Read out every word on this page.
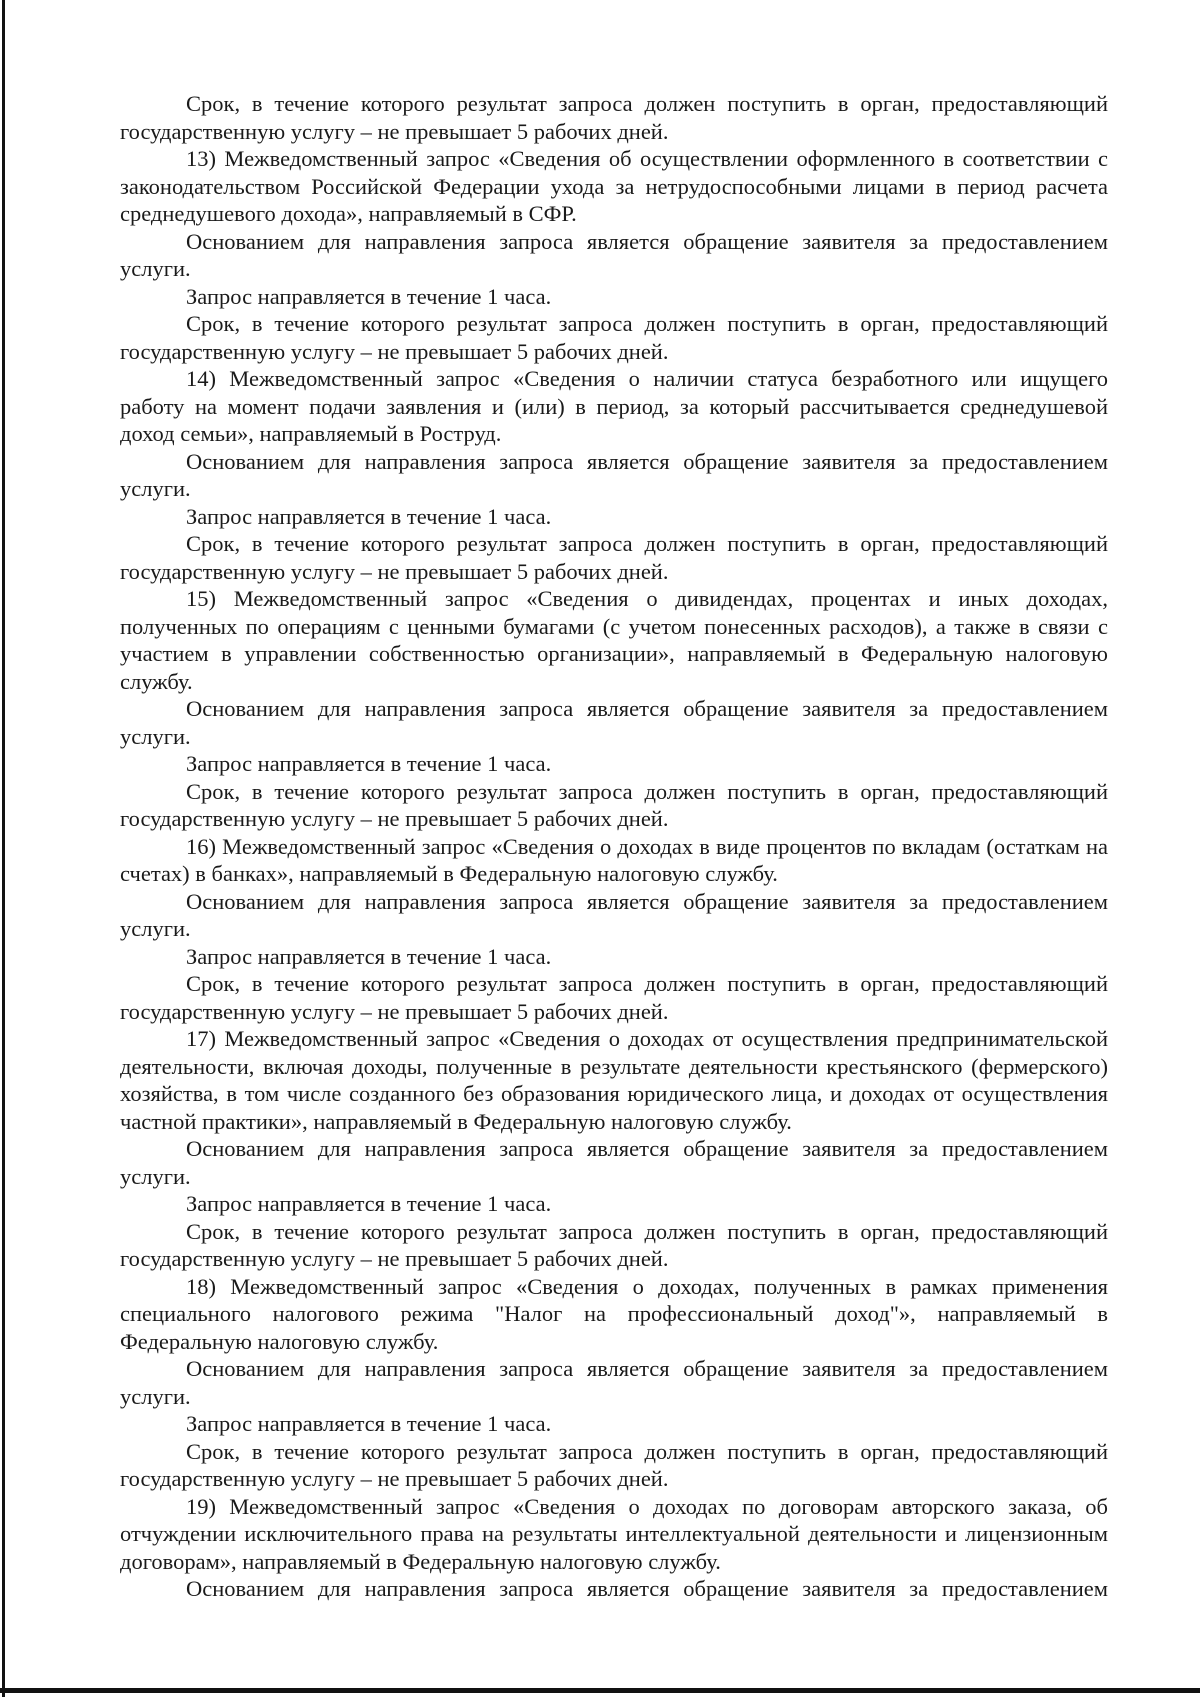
Срок, в течение которого результат запроса должен поступить в орган, предоставляющий государственную услугу – не превышает 5 рабочих дней.

13) Межведомственный запрос «Сведения об осуществлении оформленного в соответствии с законодательством Российской Федерации ухода за нетрудоспособными лицами в период расчета среднедушевого дохода», направляемый в СФР.

Основанием для направления запроса является обращение заявителя за предоставлением услуги.

Запрос направляется в течение 1 часа.

Срок, в течение которого результат запроса должен поступить в орган, предоставляющий государственную услугу – не превышает 5 рабочих дней.

14) Межведомственный запрос «Сведения о наличии статуса безработного или ищущего работу на момент подачи заявления и (или) в период, за который рассчитывается среднедушевой доход семьи», направляемый в Роструд.

Основанием для направления запроса является обращение заявителя за предоставлением услуги.

Запрос направляется в течение 1 часа.

Срок, в течение которого результат запроса должен поступить в орган, предоставляющий государственную услугу – не превышает 5 рабочих дней.

15) Межведомственный запрос «Сведения о дивидендах, процентах и иных доходах, полученных по операциям с ценными бумагами (с учетом понесенных расходов), а также в связи с участием в управлении собственностью организации», направляемый в Федеральную налоговую службу.

Основанием для направления запроса является обращение заявителя за предоставлением услуги.

Запрос направляется в течение 1 часа.

Срок, в течение которого результат запроса должен поступить в орган, предоставляющий государственную услугу – не превышает 5 рабочих дней.

16) Межведомственный запрос «Сведения о доходах в виде процентов по вкладам (остаткам на счетах) в банках», направляемый в Федеральную налоговую службу.

Основанием для направления запроса является обращение заявителя за предоставлением услуги.

Запрос направляется в течение 1 часа.

Срок, в течение которого результат запроса должен поступить в орган, предоставляющий государственную услугу – не превышает 5 рабочих дней.

17) Межведомственный запрос «Сведения о доходах от осуществления предпринимательской деятельности, включая доходы, полученные в результате деятельности крестьянского (фермерского) хозяйства, в том числе созданного без образования юридического лица, и доходах от осуществления частной практики», направляемый в Федеральную налоговую службу.

Основанием для направления запроса является обращение заявителя за предоставлением услуги.

Запрос направляется в течение 1 часа.

Срок, в течение которого результат запроса должен поступить в орган, предоставляющий государственную услугу – не превышает 5 рабочих дней.

18) Межведомственный запрос «Сведения о доходах, полученных в рамках применения специального налогового режима "Налог на профессиональный доход"», направляемый в Федеральную налоговую службу.

Основанием для направления запроса является обращение заявителя за предоставлением услуги.

Запрос направляется в течение 1 часа.

Срок, в течение которого результат запроса должен поступить в орган, предоставляющий государственную услугу – не превышает 5 рабочих дней.

19) Межведомственный запрос «Сведения о доходах по договорам авторского заказа, об отчуждении исключительного права на результаты интеллектуальной деятельности и лицензионным договорам», направляемый в Федеральную налоговую службу.

Основанием для направления запроса является обращение заявителя за предоставлением
